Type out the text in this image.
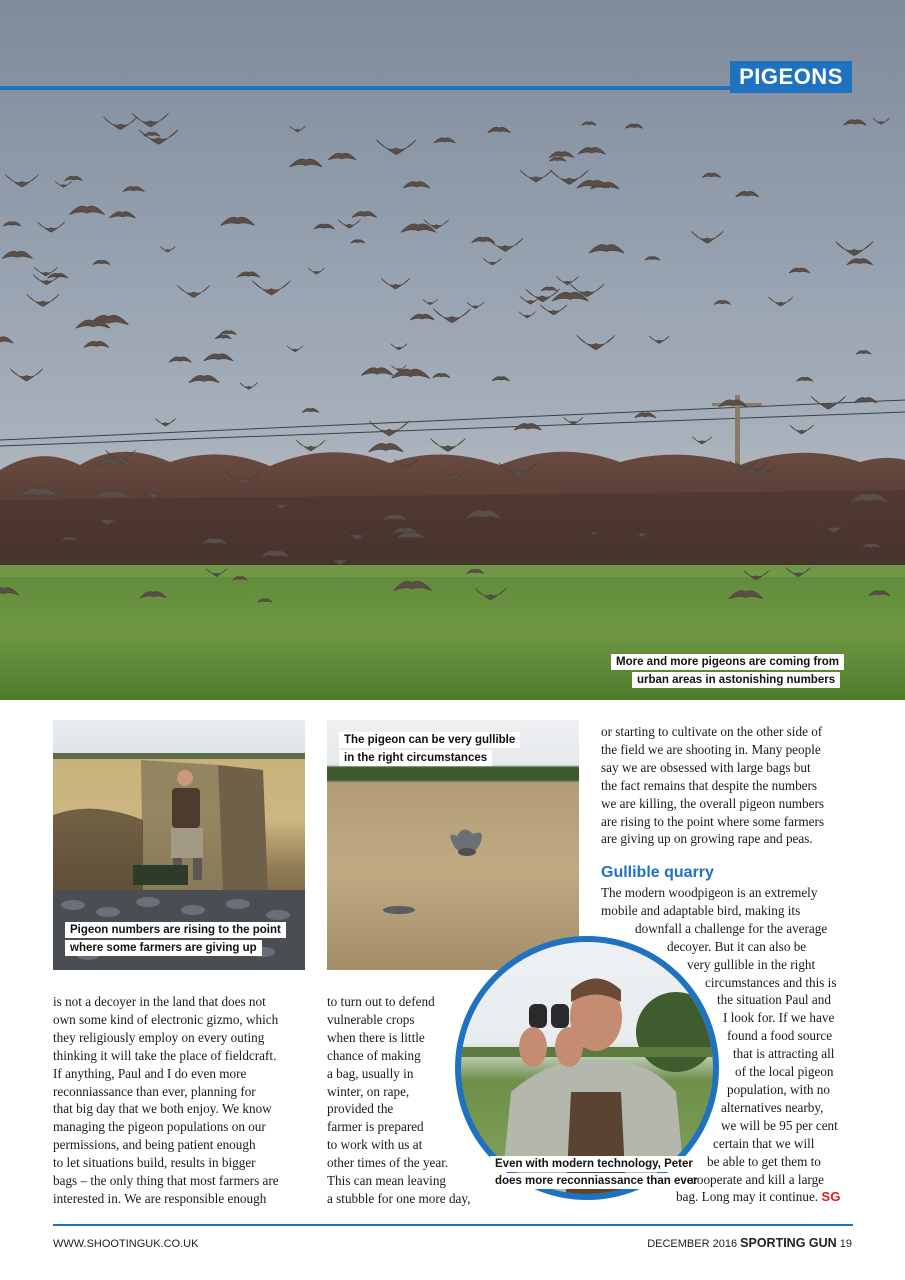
PIGEONS
More and more pigeons are coming from
urban areas in astonishing numbers
Pigeon numbers are rising to the point
where some farmers are giving up
The pigeon can be very gullible
in the right circumstances
Even with modern technology, Peter
does more reconniassance than ever

is not a decoyer in the land that does not

own some kind of electronic gizmo, which

they religiously employ on every outing

thinking it will take the place of fieldcraft.

If anything, Paul and I do even more

reconniassance than ever, planning for

that big day that we both enjoy. We know

managing the pigeon populations on our

permissions, and being patient enough

to let situations build, results in bigger

bags – the only thing that most farmers are

interested in. We are responsible enough

to turn out to defend

vulnerable crops

when there is little

chance of making

a bag, usually in

winter, on rape,

provided the

farmer is prepared

to work with us at

other times of the year.

This can mean leaving

a stubble for one more day,

or starting to cultivate on the other side of

the field we are shooting in. Many people

say we are obsessed with large bags but

the fact remains that despite the numbers

we are killing, the overall pigeon numbers

are rising to the point where some farmers

are giving up on growing rape and peas.

Gullible quarry

The modern woodpigeon is an extremely

mobile and adaptable bird, making its

downfall a challenge for the average

decoyer. But it can also be

very gullible in the right

circumstances and this is

the situation Paul and

I look for. If we have

found a food source

that is attracting all

of the local pigeon

population, with no

alternatives nearby,

we will be 95 per cent

certain that we will

be able to get them to

cooperate and kill a large

bag. Long may it continue. SG

WWW.SHOOTINGUK.CO.UK	DECEMBER 2016 SPORTING GUN 19
